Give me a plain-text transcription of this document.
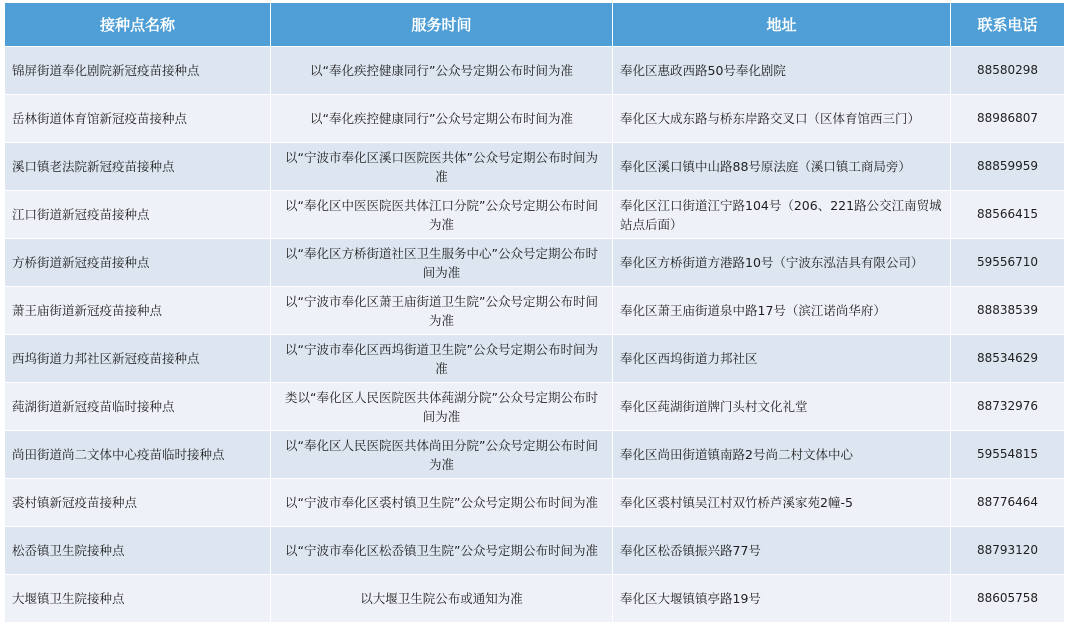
接种点名称	服务时间	地址	联系电话
锦屏街道奉化剧院新冠疫苗接种点	以“奉化疾控健康同行”公众号定期公布时间为准	奉化区惠政西路50号奉化剧院	88580298
岳林街道体育馆新冠疫苗接种点	以“奉化疾控健康同行”公众号定期公布时间为准	奉化区大成东路与桥东岸路交叉口（区体育馆西三门）	88986807
溪口镇老法院新冠疫苗接种点	以“宁波市奉化区溪口医院医共体”公众号定期公布时间为准	奉化区溪口镇中山路88号原法庭（溪口镇工商局旁）	88859959
江口街道新冠疫苗接种点	以“奉化区中医医院医共体江口分院”公众号定期公布时间为准	奉化区江口街道江宁路104号（206、221路公交江南贸城站点后面）	88566415
方桥街道新冠疫苗接种点	以“奉化区方桥街道社区卫生服务中心”公众号定期公布时间为准	奉化区方桥街道方港路10号（宁波东泓洁具有限公司）	59556710
萧王庙街道新冠疫苗接种点	以“宁波市奉化区萧王庙街道卫生院”公众号定期公布时间为准	奉化区萧王庙街道泉中路17号（滨江诺尚华府）	88838539
西坞街道力邦社区新冠疫苗接种点	以“宁波市奉化区西坞街道卫生院”公众号定期公布时间为准	奉化区西坞街道力邦社区	88534629
莼湖街道新冠疫苗临时接种点	类以“奉化区人民医院医共体莼湖分院”公众号定期公布时间为准	奉化区莼湖街道牌门头村文化礼堂	88732976
尚田街道尚二文体中心疫苗临时接种点	以“奉化区人民医院医共体尚田分院”公众号定期公布时间为准	奉化区尚田街道镇南路2号尚二村文体中心	59554815
裘村镇新冠疫苗接种点	以“宁波市奉化区裘村镇卫生院”公众号定期公布时间为准	奉化区裘村镇吴江村双竹桥芦溪家苑2幢-5	88776464
松岙镇卫生院接种点	以“宁波市奉化区松岙镇卫生院”公众号定期公布时间为准	奉化区松岙镇振兴路77号	88793120
大堰镇卫生院接种点	以大堰卫生院公布或通知为准	奉化区大堰镇镇亭路19号	88605758
